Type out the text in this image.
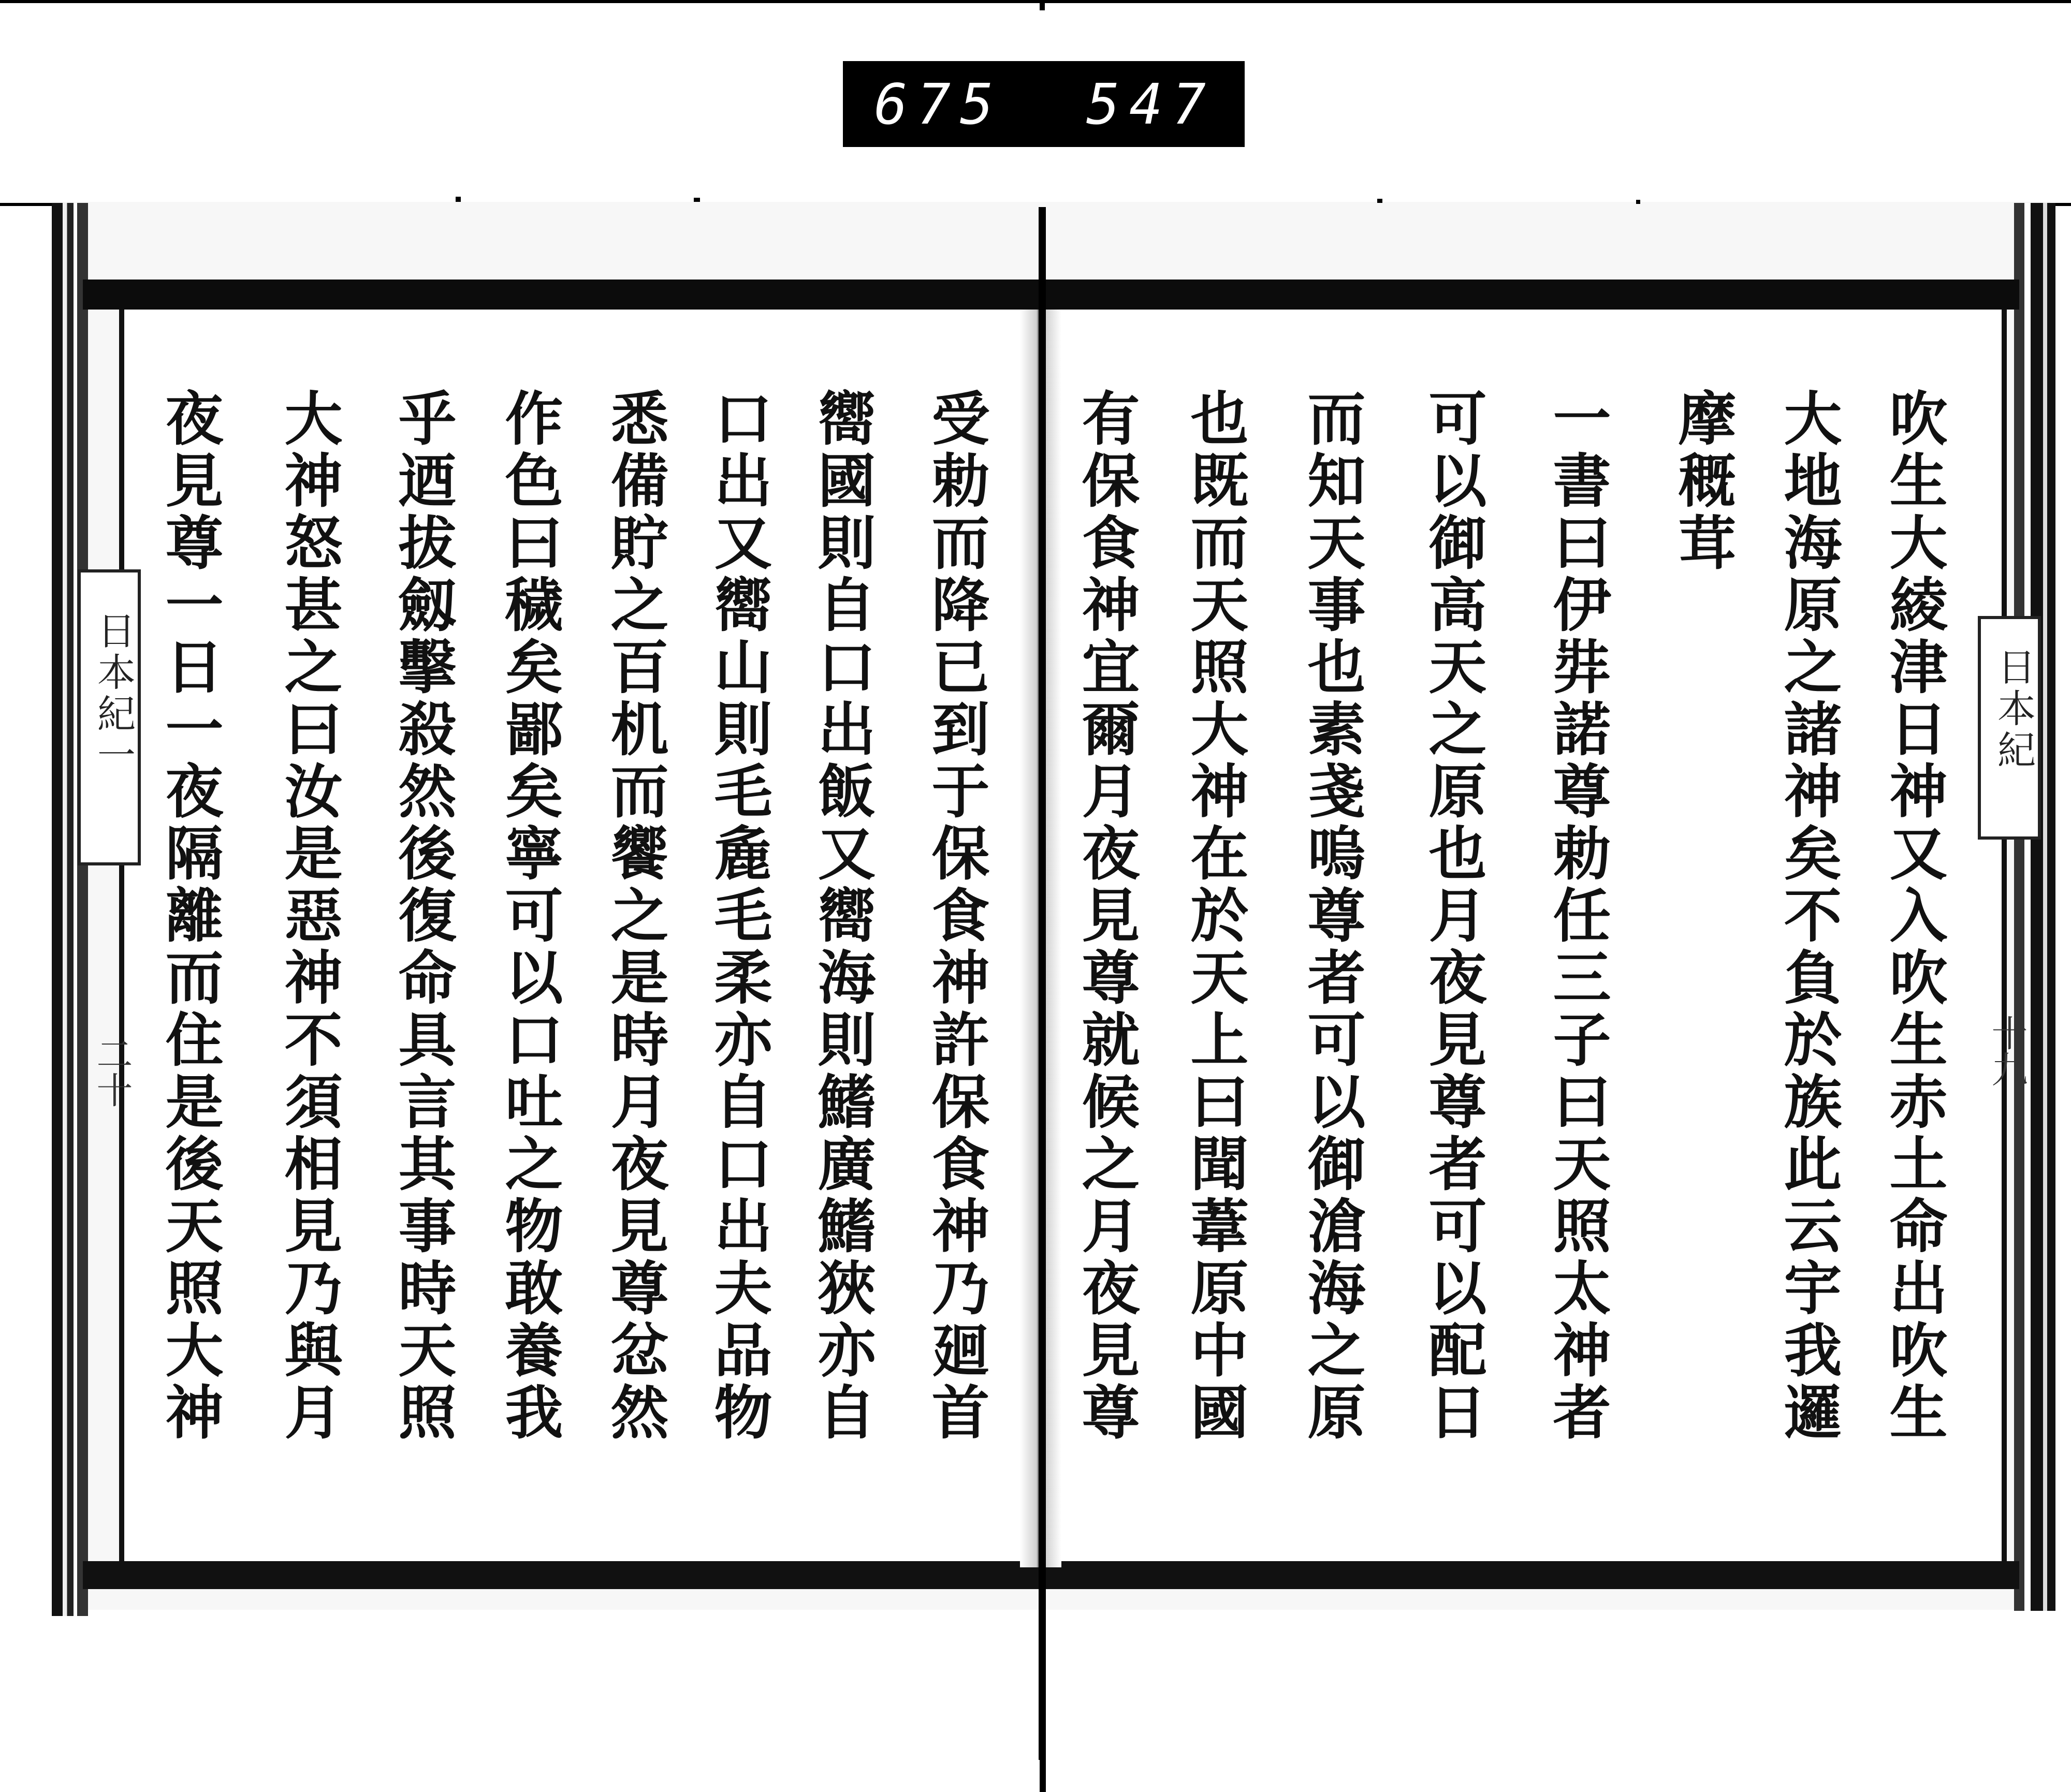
675 547
日本紀
十九
日本紀一
二十	吹生大綾津日神又入吹生赤土命出吹生
大地海原之諸神矣不負於族此云宇我邏
摩穊茸
一書曰伊弉諾尊勅任三子曰天照太神者
可以御高天之原也月夜見尊者可以配日
而知天事也素戔嗚尊者可以御滄海之原
也既而天照大神在於天上曰聞葦原中國
有保食神宜爾月夜見尊就候之月夜見尊
受勅而降已到于保食神許保食神乃廻首
嚮國則自口出飯又嚮海則鰭廣鰭狹亦自
口出又嚮山則毛麁毛柔亦自口出夫品物
悉備貯之百机而饗之是時月夜見尊忿然
作色曰穢矣鄙矣寧可以口吐之物敢養我
乎迺拔劔擊殺然後復命具言其事時天照
大神怒甚之曰汝是惡神不須相見乃與月
夜見尊一日一夜隔離而住是後天照大神
